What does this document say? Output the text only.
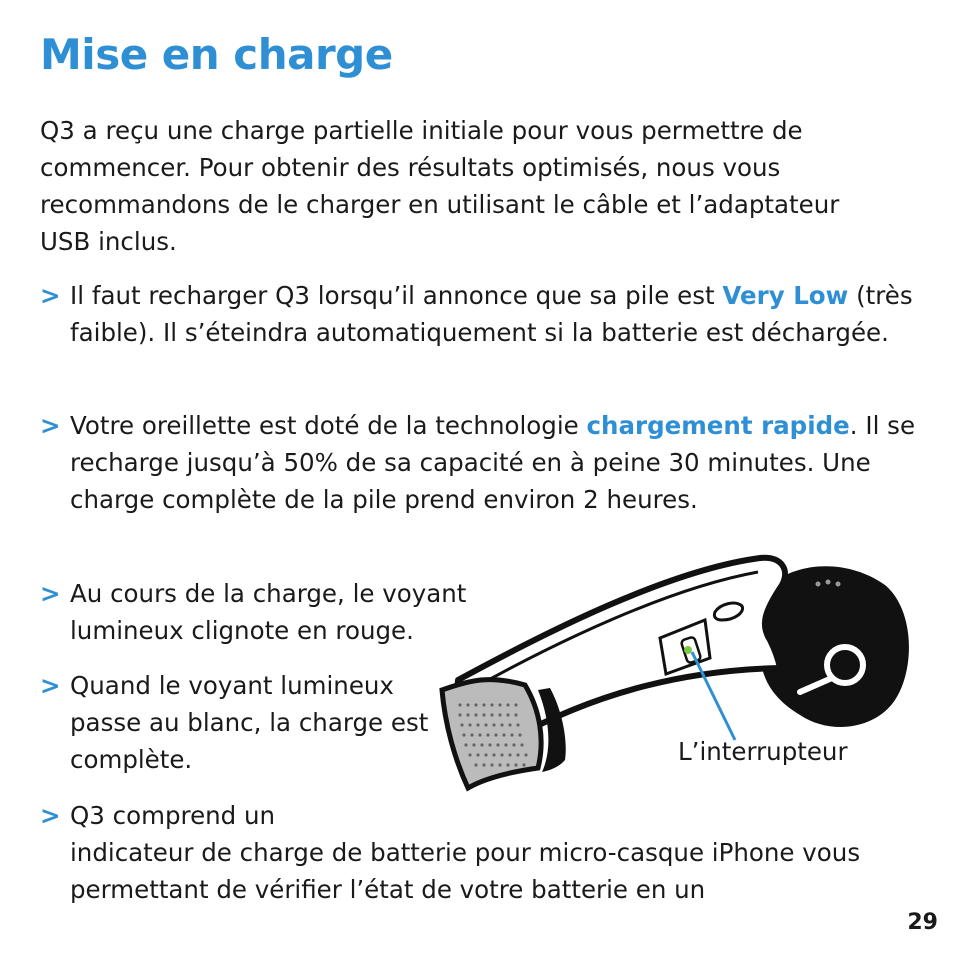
Mise en charge

Q3 a reçu une charge partielle initiale pour vous permettre de commencer. Pour obtenir des résultats optimisés, nous vous recommandons de le charger en utilisant le câble et l’adaptateur USB inclus.

> Il faut recharger Q3 lorsqu’il annonce que sa pile est Very Low (très faible). Il s’éteindra automatiquement si la batterie est déchargée.
> Votre oreillette est doté de la technologie chargement rapide. Il se recharge jusqu’à 50% de sa capacité en à peine 30 minutes. Une charge complète de la pile prend environ 2 heures.
> Au cours de la charge, le voyant lumineux clignote en rouge.
> Quand le voyant lumineux passe au blanc, la charge est complète.
> Q3 comprend un
indicateur de charge de batterie pour micro-casque iPhone vous permettant de vérifier l’état de votre batterie en un
L’interrupteur
29
